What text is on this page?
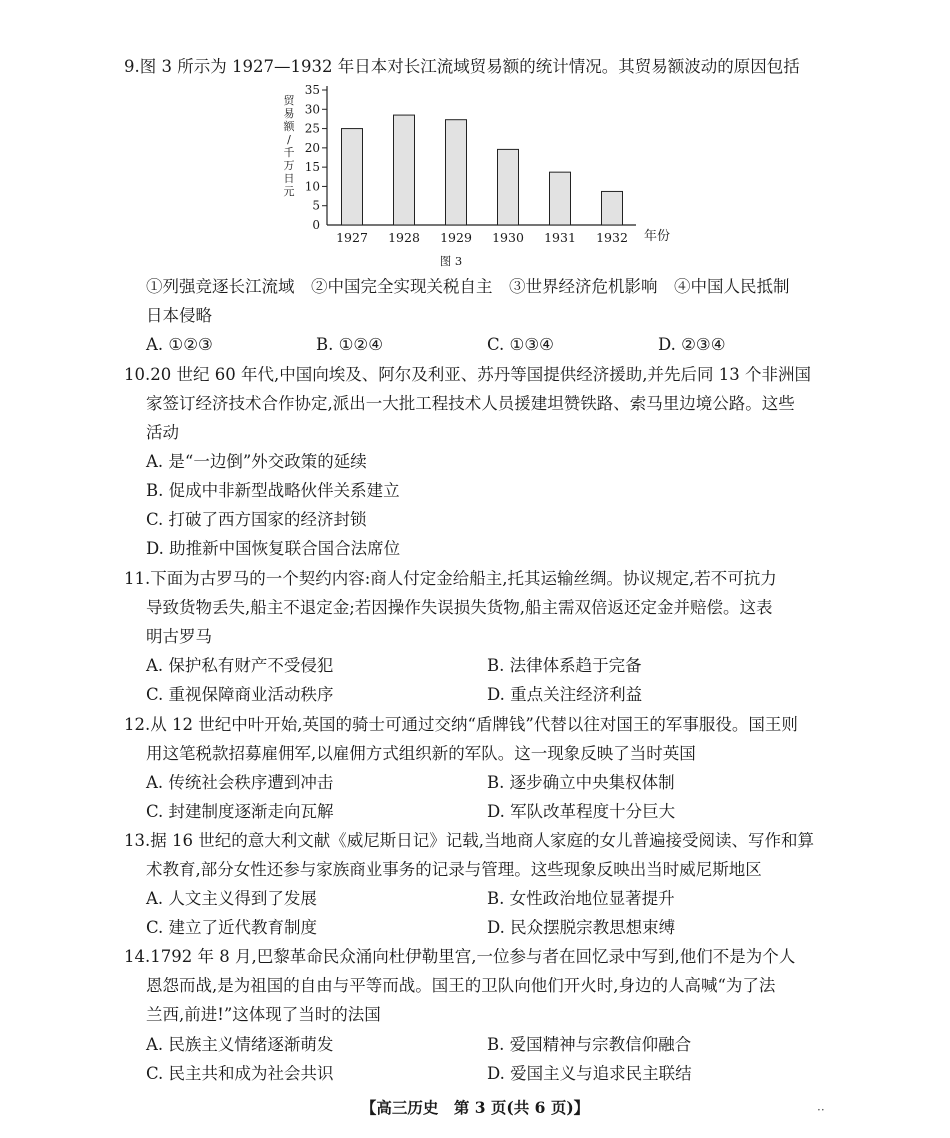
9.图 3 所示为 1927—1932 年日本对长江流域贸易额的统计情况。其贸易额波动的原因包括
贸
易
额
/
千
万
日
元
1927 1928 1929 1930 1931 1932
0
5
10
15
20
25
30
35
年份
图 3
①列强竞逐长江流域　②中国完全实现关税自主　③世界经济危机影响　④中国人民抵制
日本侵略
A. ①②③	B. ①②④	C. ①③④	D. ②③④
10.20 世纪 60 年代,中国向埃及、阿尔及利亚、苏丹等国提供经济援助,并先后同 13 个非洲国
家签订经济技术合作协定,派出一大批工程技术人员援建坦赞铁路、索马里边境公路。这些
活动
A. 是“一边倒”外交政策的延续
B. 促成中非新型战略伙伴关系建立
C. 打破了西方国家的经济封锁
D. 助推新中国恢复联合国合法席位
11.下面为古罗马的一个契约内容:商人付定金给船主,托其运输丝绸。协议规定,若不可抗力
导致货物丢失,船主不退定金;若因操作失误损失货物,船主需双倍返还定金并赔偿。这表
明古罗马
A. 保护私有财产不受侵犯	B. 法律体系趋于完备
C. 重视保障商业活动秩序	D. 重点关注经济利益
12.从 12 世纪中叶开始,英国的骑士可通过交纳“盾牌钱”代替以往对国王的军事服役。国王则
用这笔税款招募雇佣军,以雇佣方式组织新的军队。这一现象反映了当时英国
A. 传统社会秩序遭到冲击	B. 逐步确立中央集权体制
C. 封建制度逐渐走向瓦解	D. 军队改革程度十分巨大
13.据 16 世纪的意大利文献《威尼斯日记》记载,当地商人家庭的女儿普遍接受阅读、写作和算
术教育,部分女性还参与家族商业事务的记录与管理。这些现象反映出当时威尼斯地区
A. 人文主义得到了发展	B. 女性政治地位显著提升
C. 建立了近代教育制度	D. 民众摆脱宗教思想束缚
14.1792 年 8 月,巴黎革命民众涌向杜伊勒里宫,一位参与者在回忆录中写到,他们不是为个人
恩怨而战,是为祖国的自由与平等而战。国王的卫队向他们开火时,身边的人高喊“为了法
兰西,前进!”这体现了当时的法国
A. 民族主义情绪逐渐萌发	B. 爱国精神与宗教信仰融合
C. 民主共和成为社会共识	D. 爱国主义与追求民主联结
【高三历史　第 3 页(共 6 页)】	··
